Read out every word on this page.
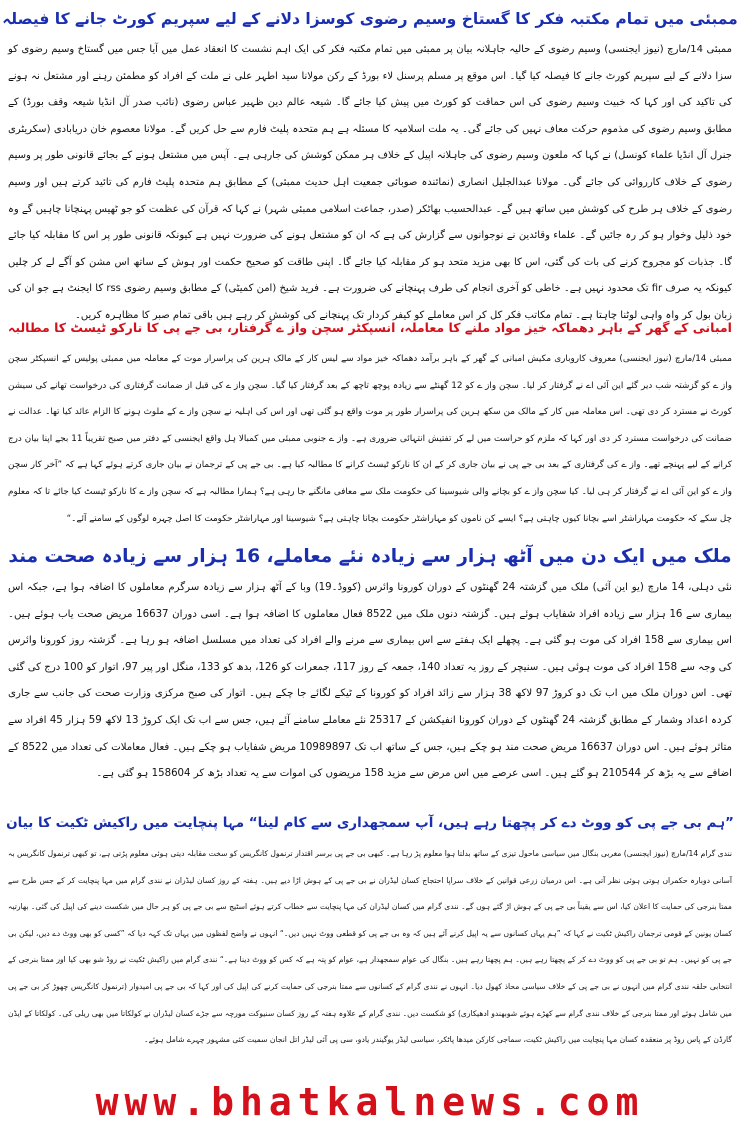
ممبئی میں تمام مکتبہ فکر کا گستاخ وسیم رضوی کوسزا دلانے کے لیے سپریم کورٹ جانے کا فیصلہ

ممبئی 14/مارچ (نیوز ایجنسی) وسیم رضوی کے حالیہ جاہلانہ بیان پر ممبئی میں تمام مکتبہ فکر کی ایک اہم نشست کا انعقاد عمل میں آیا جس میں گستاخ وسیم رضوی کو سزا دلانے کے لیے سپریم کورٹ جانے کا فیصلہ کیا گیا۔ اس موقع پر مسلم پرسنل لاء بورڈ کے رکن مولانا سید اطہر علی نے ملت کے افراد کو مطمئن رہنے اور مشتعل نہ ہونے کی تاکید کی اور کہا کہ خبیث وسیم رضوی کی اس حماقت کو کورٹ میں پیش کیا جائے گا۔ شیعہ عالم دین ظہیر عباس رضوی (نائب صدر آل انڈیا شیعہ وقف بورڈ) کے مطابق وسیم رضوی کی مذموم حرکت معاف نہیں کی جائے گی۔ یہ ملت اسلامیہ کا مسئلہ ہے ہم متحدہ پلیٹ فارم سے حل کریں گے۔ مولانا معصوم خان دریابادی (سکریٹری جنرل آل انڈیا علماء کونسل) نے کہا کہ ملعون وسیم رضوی کی جاہلانہ اپیل کے خلاف ہر ممکن کوشش کی جارہی ہے۔ آپس میں مشتعل ہونے کے بجائے قانونی طور پر وسیم رضوی کے خلاف کارروائی کی جائے گی۔ مولانا عبدالجلیل انصاری (نمائندہ صوبائی جمعیت اہل حدیث ممبئی) کے مطابق ہم متحدہ پلیٹ فارم کی تائید کرتے ہیں اور وسیم رضوی کے خلاف ہر طرح کی کوشش میں ساتھ ہیں گے۔ عبدالحسیب بھاٹکر (صدر، جماعت اسلامی ممبئی شہر) نے کہا کہ قرآن کی عظمت کو جو ٹھیس پہنچانا چاہیں گے وہ خود ذلیل وخوار ہو کر رہ جائیں گے۔ علماء وقائدین نے نوجوانوں سے گزارش کی ہے کہ ان کو مشتعل ہونے کی ضرورت نہیں ہے کیونکہ قانونی طور پر اس کا مقابلہ کیا جائے گا۔ جذبات کو مجروح کرنے کی بات کی گئی، اس کا بھی مزید متحد ہو کر مقابلہ کیا جائے گا۔ اپنی طاقت کو صحیح حکمت اور ہوش کے ساتھ اس مشن کو آگے لے کر چلیں کیونکہ یہ صرف fir تک محدود نہیں ہے۔ خاطی کو آخری انجام کی طرف پہنچانے کی ضرورت ہے۔ فرید شیخ (امن کمیٹی) کے مطابق وسیم رضوی rss کا ایجنٹ ہے جو ان کی زبان بول کر واہ واہی لوٹنا چاہتا ہے۔ تمام مکاتب فکر کل کر اس معاملے کو کیفر کردار تک پہنچانے کی کوشش کر رہے ہیں باقی تمام صبر کا مظاہرہ کریں۔

امبانی کے گھر کے باہر دھماکہ خیز مواد ملنے کا معاملہ، انسپکٹر سچن واز ے گرفتار، بی جے پی کا نارکو ٹیسٹ کا مطالبہ

ممبئی 14/مارچ (نیوز ایجنسی) معروف کاروباری مکیش امبانی کے گھر کے باہر برآمد دھماکہ خیز مواد سے لیس کار کے مالک ہرین کی پراسرار موت کے معاملہ میں ممبئی پولیس کے انسپکٹر سچن واز ے کو گزشتہ شب دیر گئے این آئی اے نے گرفتار کر لیا۔ سچن واز ے کو 12 گھنٹے سے زیادہ پوچھ تاچھ کے بعد گرفتار کیا گیا۔ سچن واز ے کی قبل از ضمانت گرفتاری کی درخواست تھانے کی سیشن کورٹ نے مسترد کر دی تھی۔ اس معاملہ میں کار کے مالک من سکھ ہرین کی پراسرار طور پر موت واقع ہو گئی تھی اور اس کی اہلیہ نے سچن واز ے کے ملوث ہونے کا الزام عائد کیا تھا۔ عدالت نے ضمانت کی درخواست مسترد کر دی اور کہا کہ ملزم کو حراست میں لے کر تفتیش انتہائی ضروری ہے۔ واز ے جنوبی ممبئی میں کمبالا ہل واقع ایجنسی کے دفتر میں صبح تقریباً 11 بجے اپنا بیان درج کرانے کے لیے پہنچے تھے۔ واز ے کی گرفتاری کے بعد بی جے پی نے بیان جاری کر کے ان کا نارکو ٹیسٹ کرانے کا مطالبہ کیا ہے۔ بی جے پی کے ترجمان نے بیان جاری کرتے ہوئے کہا ہے کہ ”آخر کار سچن واز ے کو این آئی اے نے گرفتار کر ہی لیا۔ کیا سچن واز ے کو بچانے والی شیوسینا کی حکومت ملک سے معافی مانگنے جا رہی ہے؟ ہمارا مطالبہ ہے کہ سچن واز ے کا نارکو ٹیسٹ کیا جائے تا کہ معلوم چل سکے کہ حکومت مہاراشٹر اسے بچانا کیوں چاہتی ہے؟ ایسے کن ناموں کو مہاراشٹر حکومت بچانا چاہتی ہے؟ شیوسینا اور مہاراشٹر حکومت کا اصل چہرہ لوگوں کے سامنے آئے۔“

ملک میں ایک دن میں آٹھ ہزار سے زیادہ نئے معاملے، 16 ہزار سے زیادہ صحت مند

نئی دہلی، 14 مارچ (یو این آئی) ملک میں گزشتہ 24 گھنٹوں کے دوران کورونا وائرس (کووڈ۔19) وبا کے آٹھ ہزار سے زیادہ سرگرم معاملوں کا اضافہ ہوا ہے، جبکہ اس بیماری سے 16 ہزار سے زیادہ افراد شفایاب ہوئے ہیں۔ گزشتہ دنوں ملک میں 8522 فعال معاملوں کا اضافہ ہوا ہے۔ اسی دوران 16637 مریض صحت یاب ہوئے ہیں۔ اس بیماری سے 158 افراد کی موت ہو گئی ہے۔ پچھلے ایک ہفتے سے اس بیماری سے مرنے والے افراد کی تعداد میں مسلسل اضافہ ہو رہا ہے۔ گزشتہ روز کورونا وائرس کی وجہ سے 158 افراد کی موت ہوئی ہیں۔ سنیچر کے روز یہ تعداد 140، جمعہ کے روز 117، جمعرات کو 126، بدھ کو 133، منگل اور پیر 97، اتوار کو 100 درج کی گئی تھی۔ اس دوران ملک میں اب تک دو کروڑ 97 لاکھ 38 ہزار سے زائد افراد کو کورونا کے ٹیکے لگائے جا چکے ہیں۔ اتوار کی صبح مرکزی وزارت صحت کی جانب سے جاری کردہ اعداد وشمار کے مطابق گزشتہ 24 گھنٹوں کے دوران کورونا انفیکشن کے 25317 نئے معاملے سامنے آئے ہیں، جس سے اب تک ایک کروڑ 13 لاکھ 59 ہزار 45 افراد سے متاثر ہوئے ہیں۔ اس دوران 16637 مریض صحت مند ہو چکے ہیں، جس کے ساتھ اب تک 10989897 مریض شفایاب ہو چکے ہیں۔ فعال معاملات کی تعداد میں 8522 کے اضافے سے یہ بڑھ کر 210544 ہو گئے ہیں۔ اسی عرصے میں اس مرض سے مزید 158 مریضوں کی اموات سے یہ تعداد بڑھ کر 158604 ہو گئی ہے۔

”ہم بی جے پی کو ووٹ دے کر پچھتا رہے ہیں، آپ سمجھداری سے کام لینا“ مہا پنچایت میں راکیش ٹکیت کا بیان

نندی گرام 14/مارچ (نیوز ایجنسی) مغربی بنگال میں سیاسی ماحول تیزی کے ساتھ بدلتا ہوا معلوم پڑ رہا ہے۔ کبھی بی جے پی برسر اقتدار ترنمول کانگریس کو سخت مقابلہ دیتی ہوئی معلوم پڑتی ہے، تو کبھی ترنمول کانگریس بہ آسانی دوبارہ حکمراں ہوتی ہوئی نظر آتی ہے۔ اس درمیان زرعی قوانین کے خلاف سراپا احتجاج کسان لیڈران نے بی جے پی کے ہوش اڑا دیے ہیں۔ ہفتہ کے روز کسان لیڈران نے نندی گرام میں مہا پنچایت کر کے جس طرح سے ممتا بنرجی کی حمایت کا اعلان کیا، اس سے یقیناً بی جے پی کے ہوش اڑ گئے ہوں گے۔ نندی گرام میں کسان لیڈران کی مہا پنچایت سے خطاب کرتے ہوئے اسٹیج سے بی جے پی کو ہر حال میں شکست دینے کی اپیل کی گئی۔ بھارتیہ کسان یونین کے قومی ترجمان راکیش ٹکیت نے کہا کہ ”ہم یہاں کسانوں سے یہ اپیل کرنے آئے ہیں کہ وہ بی جے پی کو قطعی ووٹ نہیں دیں۔“ انہوں نے واضح لفظوں میں یہاں تک کہہ دیا کہ ”کسی کو بھی ووٹ دے دیں، لیکن بی جے پی کو نہیں۔ ہم تو بی جے پی کو ووٹ دے کر کے پچھتا رہے ہیں۔ ہم پچھتا رہے ہیں۔ بنگال کی عوام سمجھدار ہے، عوام کو پتہ ہے کہ کس کو ووٹ دینا ہے۔“ نندی گرام میں راکیش ٹکیت نے روڈ شو بھی کیا اور ممتا بنرجی کے انتخابی حلقہ نندی گرام میں انہوں نے بی جے پی کے خلاف سیاسی محاذ کھول دیا۔ انہوں نے نندی گرام کے کسانوں سے ممتا بنرجی کی حمایت کرنے کی اپیل کی اور کہا کہ بی جے پی امیدوار (ترنمول کانگریس چھوڑ کر بی جے پی میں شامل ہوئے اور ممتا بنرجی کے خلاف نندی گرام سے کھڑے ہوئے شوبھندو ادھیکاری) کو شکست دیں۔ نندی گرام کے علاوہ ہفتہ کے روز کسان سنیوکت مورچہ سے جڑے کسان لیڈران نے کولکاتا میں بھی ریلی کی۔ کولکاتا کے ایڈن گارڈن کے پاس روڈ پر منعقدہ کسان مہا پنچایت میں راکیش ٹکیت، سماجی کارکن میدھا پاٹکر، سیاسی لیڈر یوگیندر یادو، سی پی آئی لیڈر اتل انجان سمیت کئی مشہور چہرے شامل ہوئے۔

www.bhatkalnews.com
